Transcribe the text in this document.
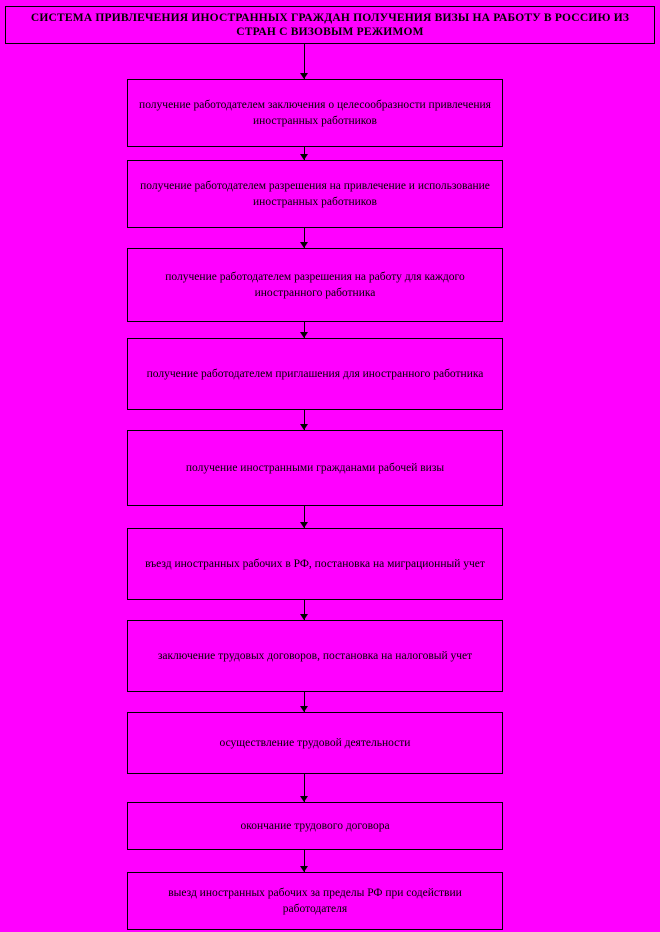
СИСТЕМА ПРИВЛЕЧЕНИЯ ИНОСТРАННЫХ ГРАЖДАН ПОЛУЧЕНИЯ ВИЗЫ НА РАБОТУ В РОССИЮ ИЗ СТРАН С ВИЗОВЫМ РЕЖИМОМ
получение работодателем заключения о целесообразности привлечения иностранных работников
получение работодателем разрешения на привлечение и использование иностранных работников
получение работодателем разрешения на работу для каждого иностранного работника
получение работодателем приглашения для иностранного работника
получение иностранными гражданами рабочей визы
въезд иностранных рабочих в РФ, постановка на миграционный учет
заключение трудовых договоров, постановка на налоговый учет
осуществление трудовой деятельности
окончание трудового договора
выезд иностранных рабочих за пределы РФ при содействии работодателя
